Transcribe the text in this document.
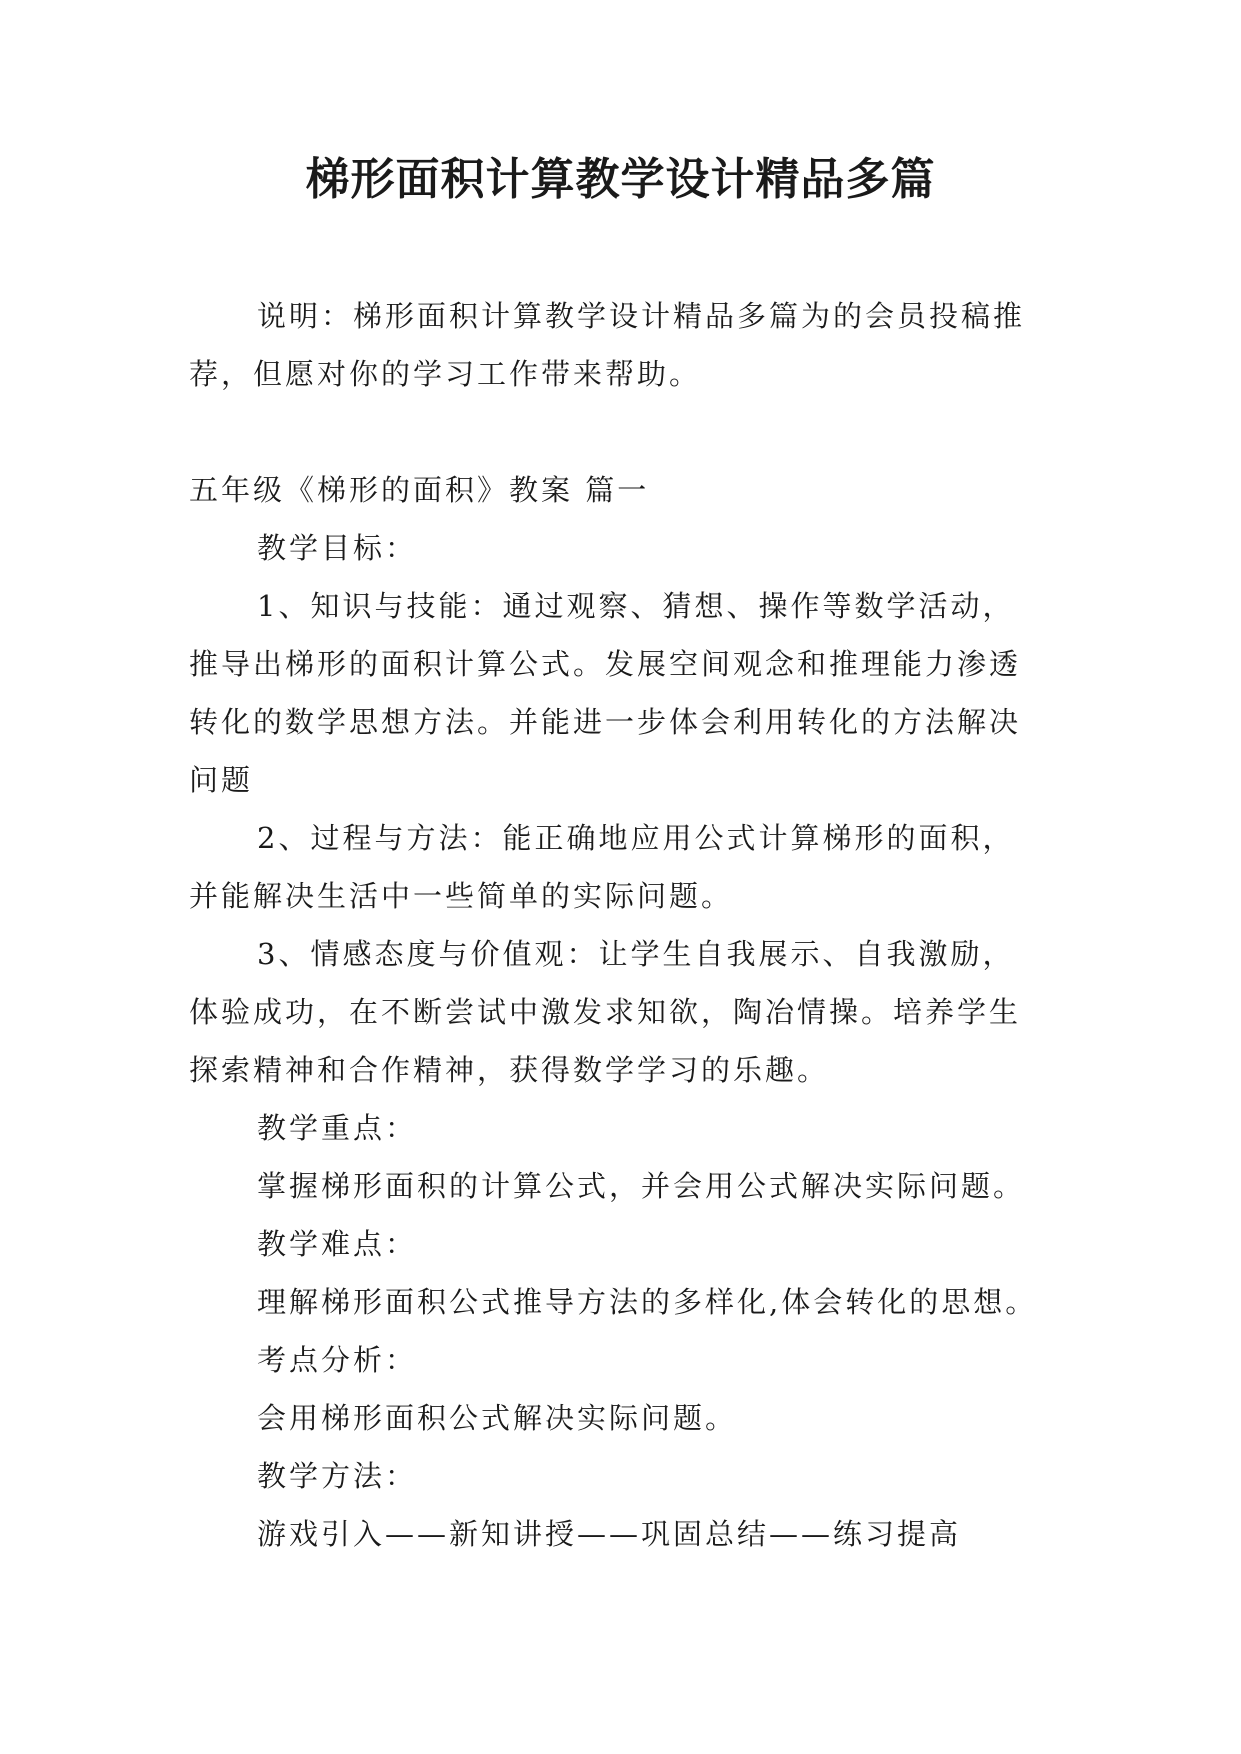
梯形面积计算教学设计精品多篇
说明：梯形面积计算教学设计精品多篇为的会员投稿推
荐，但愿对你的学习工作带来帮助。
五年级《梯形的面积》教案 篇一
教学目标：
1、知识与技能：通过观察、猜想、操作等数学活动，
推导出梯形的面积计算公式。发展空间观念和推理能力渗透
转化的数学思想方法。并能进一步体会利用转化的方法解决
问题
2、过程与方法：能正确地应用公式计算梯形的面积，
并能解决生活中一些简单的实际问题。
3、情感态度与价值观：让学生自我展示、自我激励，
体验成功，在不断尝试中激发求知欲，陶冶情操。培养学生
探索精神和合作精神，获得数学学习的乐趣。
教学重点：
掌握梯形面积的计算公式，并会用公式解决实际问题。
教学难点：
理解梯形面积公式推导方法的多样化,体会转化的思想。
考点分析：
会用梯形面积公式解决实际问题。
教学方法：
游戏引入——新知讲授——巩固总结——练习提高
